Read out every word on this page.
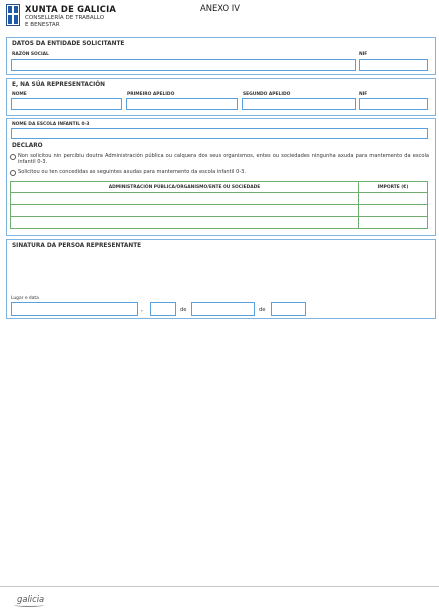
XUNTA DE GALICIA
CONSELLERÍA DE TRABALLO
E BENESTAR
ANEXO IV
DATOS DA ENTIDADE SOLICITANTE
RAZÓN SOCIAL	NIF
E, NA SÚA REPRESENTACIÓN
NOME	PRIMEIRO APELIDO	SEGUNDO APELIDO	NIF
NOME DA ESCOLA INFANTIL 0-3
DECLARO
Non solicitou nin percibiu doutra Administración pública ou calquera dos seus organismos, entes ou sociedades ningunha axuda para mantemento da escola infantil 0-3.
Solicitou ou ten concedidas as seguintes axudas para mantemento da escola infantil 0-3.
ADMINISTRACIÓN PÚBLICA/ORGANISMO/ENTE OU SOCIEDADE	IMPORTE (€)

SINATURA DA PERSOA REPRESENTANTE
Lugar e data
,	de	de
galicia
